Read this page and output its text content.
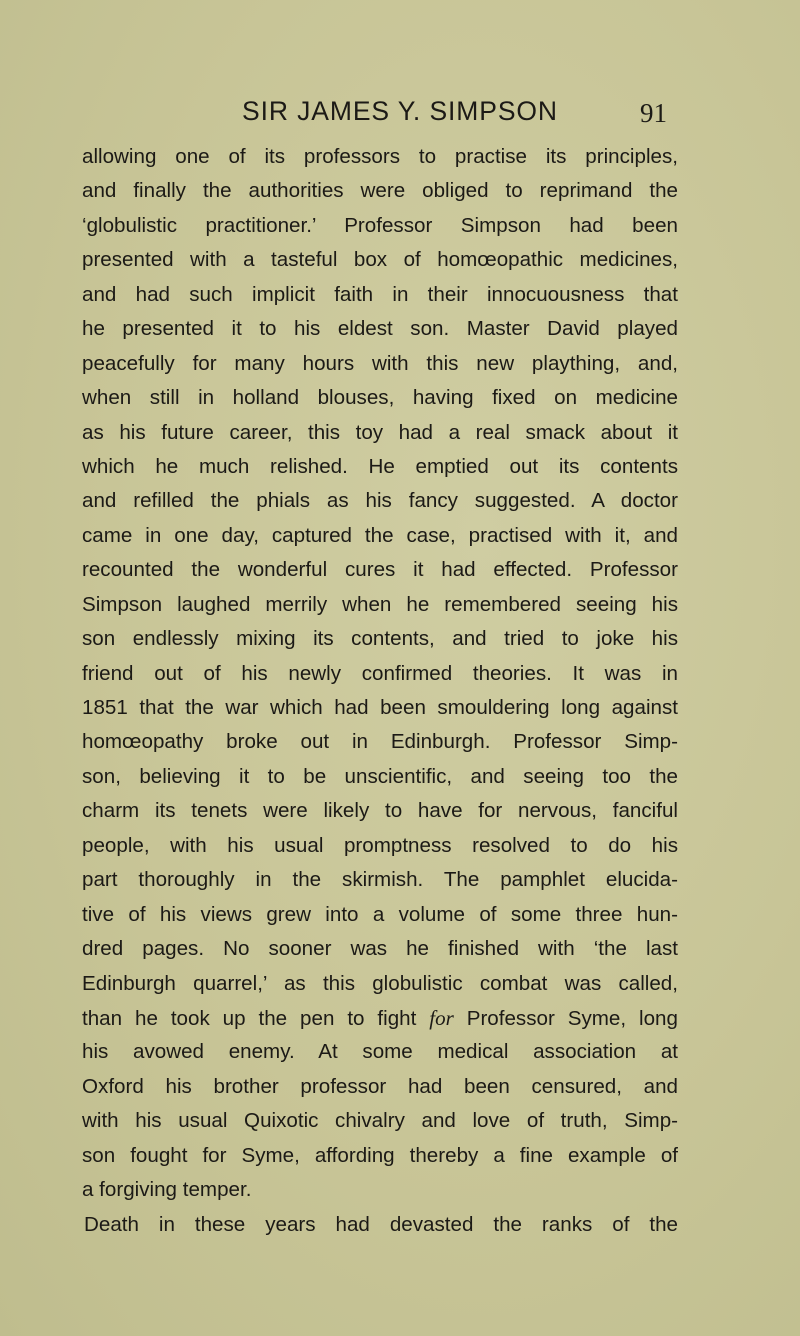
SIR JAMES Y. SIMPSON	91
allowing one of its professors to practise its principles,
and finally the authorities were obliged to reprimand the
‘globulistic practitioner.’ Professor Simpson had been
presented with a tasteful box of homœopathic medicines,
and had such implicit faith in their innocuousness that
he presented it to his eldest son. Master David played
peacefully for many hours with this new plaything, and,
when still in holland blouses, having fixed on medicine
as his future career, this toy had a real smack about it
which he much relished. He emptied out its contents
and refilled the phials as his fancy suggested. A doctor
came in one day, captured the case, practised with it, and
recounted the wonderful cures it had effected. Professor
Simpson laughed merrily when he remembered seeing his
son endlessly mixing its contents, and tried to joke his
friend out of his newly confirmed theories. It was in
1851 that the war which had been smouldering long against
homœopathy broke out in Edinburgh. Professor Simp-
son, believing it to be unscientific, and seeing too the
charm its tenets were likely to have for nervous, fanciful
people, with his usual promptness resolved to do his
part thoroughly in the skirmish. The pamphlet elucida-
tive of his views grew into a volume of some three hun-
dred pages. No sooner was he finished with ‘the last
Edinburgh quarrel,’ as this globulistic combat was called,
than he took up the pen to fight for Professor Syme, long
his avowed enemy. At some medical association at
Oxford his brother professor had been censured, and
with his usual Quixotic chivalry and love of truth, Simp-
son fought for Syme, affording thereby a fine example of
a forgiving temper.
Death in these years had devasted the ranks of the
